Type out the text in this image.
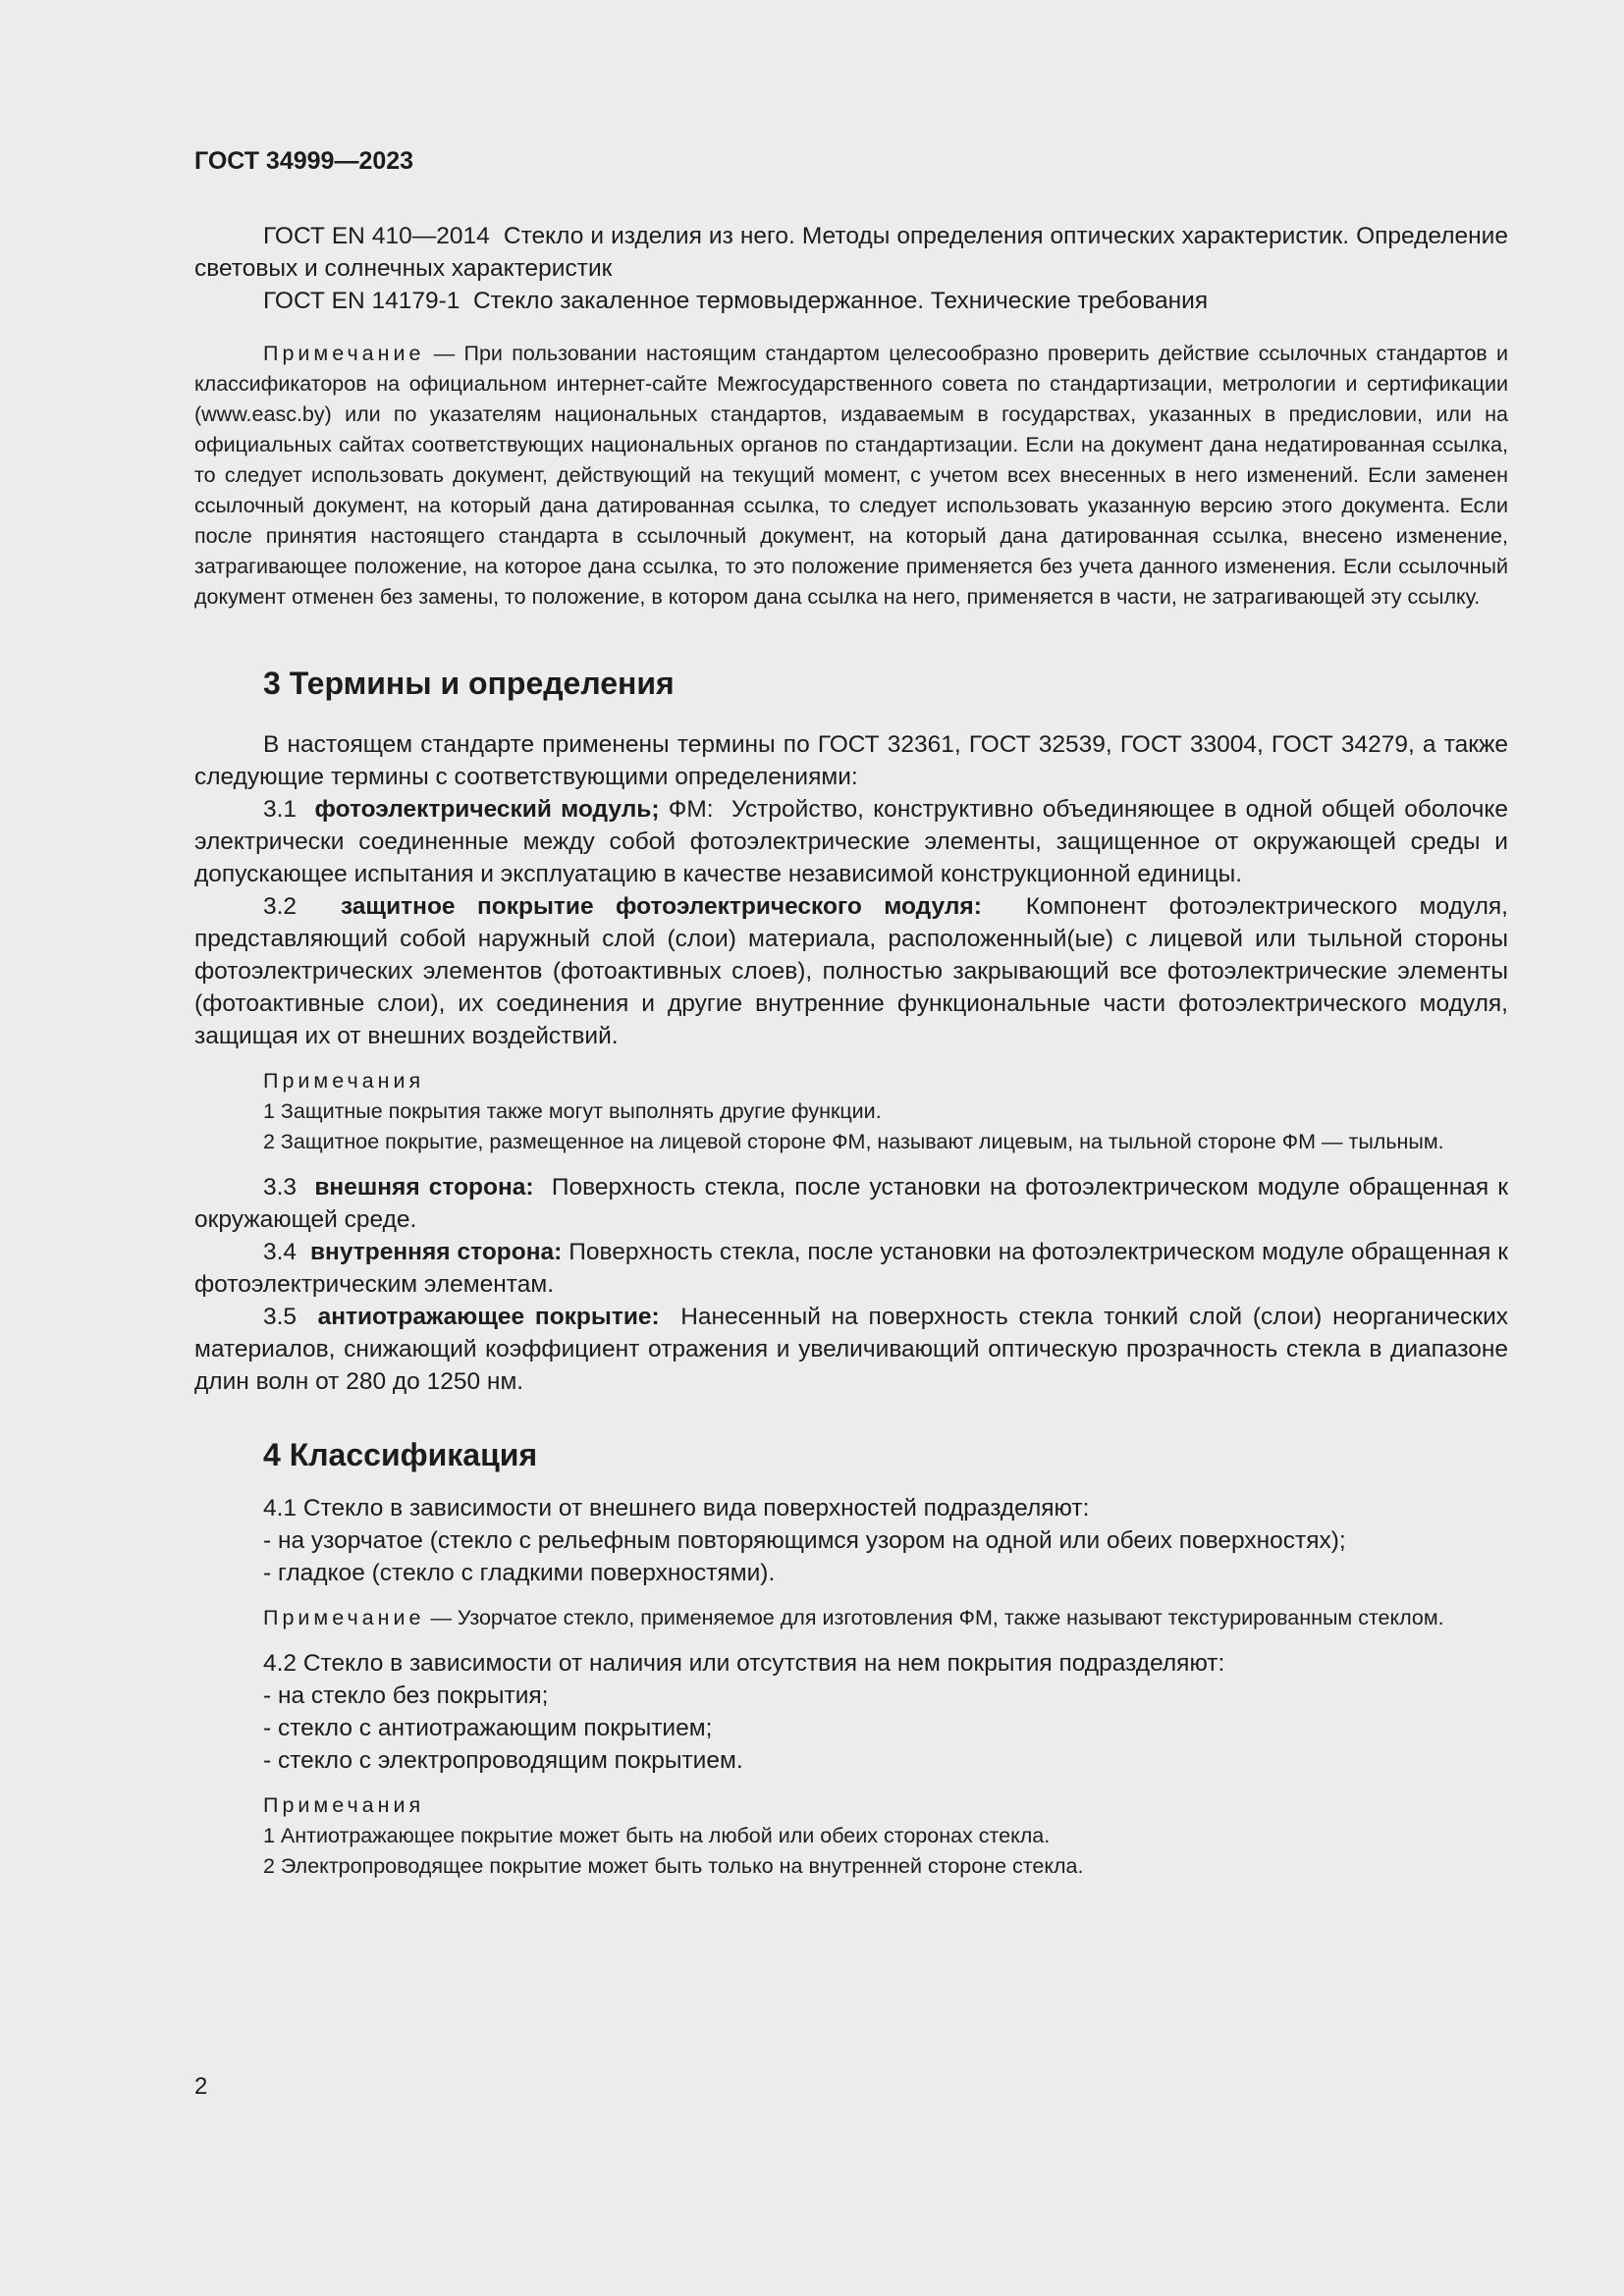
ГОСТ 34999—2023

ГОСТ EN 410—2014 Стекло и изделия из него. Методы определения оптических характеристик. Определение световых и солнечных характеристик

ГОСТ EN 14179-1 Стекло закаленное термовыдержанное. Технические требования

Примечание — При пользовании настоящим стандартом целесообразно проверить действие ссылочных стандартов и классификаторов на официальном интернет-сайте Межгосударственного совета по стандартизации, метрологии и сертификации (www.easc.by) или по указателям национальных стандартов, издаваемым в государствах, указанных в предисловии, или на официальных сайтах соответствующих национальных органов по стандартизации. Если на документ дана недатированная ссылка, то следует использовать документ, действующий на текущий момент, с учетом всех внесенных в него изменений. Если заменен ссылочный документ, на который дана датированная ссылка, то следует использовать указанную версию этого документа. Если после принятия настоящего стандарта в ссылочный документ, на который дана датированная ссылка, внесено изменение, затрагивающее положение, на которое дана ссылка, то это положение применяется без учета данного изменения. Если ссылочный документ отменен без замены, то положение, в котором дана ссылка на него, применяется в части, не затрагивающей эту ссылку.

3 Термины и определения

В настоящем стандарте применены термины по ГОСТ 32361, ГОСТ 32539, ГОСТ 33004, ГОСТ 34279, а также следующие термины с соответствующими определениями:

3.1 фотоэлектрический модуль; ФМ: Устройство, конструктивно объединяющее в одной общей оболочке электрически соединенные между собой фотоэлектрические элементы, защищенное от окружающей среды и допускающее испытания и эксплуатацию в качестве независимой конструкционной единицы.

3.2 защитное покрытие фотоэлектрического модуля: Компонент фотоэлектрического модуля, представляющий собой наружный слой (слои) материала, расположенный(ые) с лицевой или тыльной стороны фотоэлектрических элементов (фотоактивных слоев), полностью закрывающий все фотоэлектрические элементы (фотоактивные слои), их соединения и другие внутренние функциональные части фотоэлектрического модуля, защищая их от внешних воздействий.

Примечания

1 Защитные покрытия также могут выполнять другие функции.

2 Защитное покрытие, размещенное на лицевой стороне ФМ, называют лицевым, на тыльной стороне ФМ — тыльным.

3.3 внешняя сторона: Поверхность стекла, после установки на фотоэлектрическом модуле обращенная к окружающей среде.

3.4 внутренняя сторона: Поверхность стекла, после установки на фотоэлектрическом модуле обращенная к фотоэлектрическим элементам.

3.5 антиотражающее покрытие: Нанесенный на поверхность стекла тонкий слой (слои) неорганических материалов, снижающий коэффициент отражения и увеличивающий оптическую прозрачность стекла в диапазоне длин волн от 280 до 1250 нм.

4 Классификация

4.1 Стекло в зависимости от внешнего вида поверхностей подразделяют:

- на узорчатое (стекло с рельефным повторяющимся узором на одной или обеих поверхностях);

- гладкое (стекло с гладкими поверхностями).

Примечание — Узорчатое стекло, применяемое для изготовления ФМ, также называют текстурированным стеклом.

4.2 Стекло в зависимости от наличия или отсутствия на нем покрытия подразделяют:

- на стекло без покрытия;

- стекло с антиотражающим покрытием;

- стекло с электропроводящим покрытием.

Примечания

1 Антиотражающее покрытие может быть на любой или обеих сторонах стекла.

2 Электропроводящее покрытие может быть только на внутренней стороне стекла.

2
